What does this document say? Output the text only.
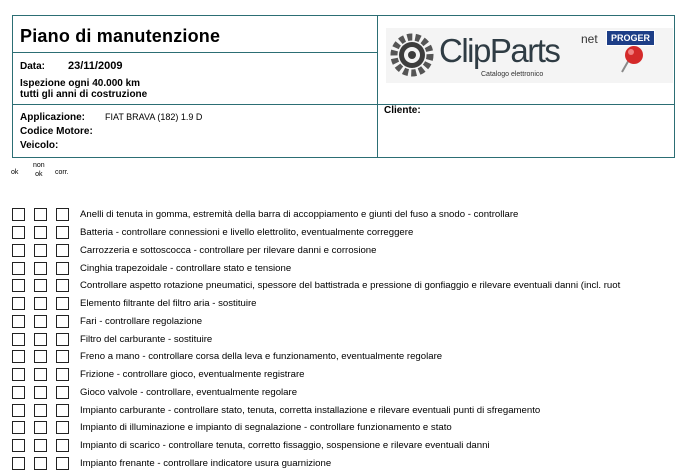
Piano di manutenzione
Data: 23/11/2009
Ispezione ogni 40.000 km
tutti gli anni di costruzione
Applicazione: FIAT BRAVA (182) 1.9 D
Codice Motore:
Veicolo:
Cliente:
ClipParts net
Catalogo elettronico
PROGER
ok
non
ok	corr.
Anelli di tenuta in gomma, estremità della barra di accoppiamento e giunti del fuso a snodo - controllare
Batteria - controllare connessioni e livello elettrolito, eventualmente correggere
Carrozzeria e sottoscocca - controllare per rilevare danni e corrosione
Cinghia trapezoidale - controllare stato e tensione
Controllare aspetto rotazione pneumatici, spessore del battistrada e pressione di gonfiaggio e rilevare eventuali danni (incl. ruot
Elemento filtrante del filtro aria - sostituire
Fari - controllare regolazione
Filtro del carburante - sostituire
Freno a mano - controllare corsa della leva e funzionamento, eventualmente regolare
Frizione - controllare gioco, eventualmente registrare
Gioco valvole - controllare, eventualmente regolare
Impianto carburante - controllare stato, tenuta, corretta installazione e rilevare eventuali punti di sfregamento
Impianto di illuminazione e impianto di segnalazione - controllare funzionamento e stato
Impianto di scarico - controllare tenuta, corretto fissaggio, sospensione e rilevare eventuali danni
Impianto frenante - controllare indicatore usura guarnizione
